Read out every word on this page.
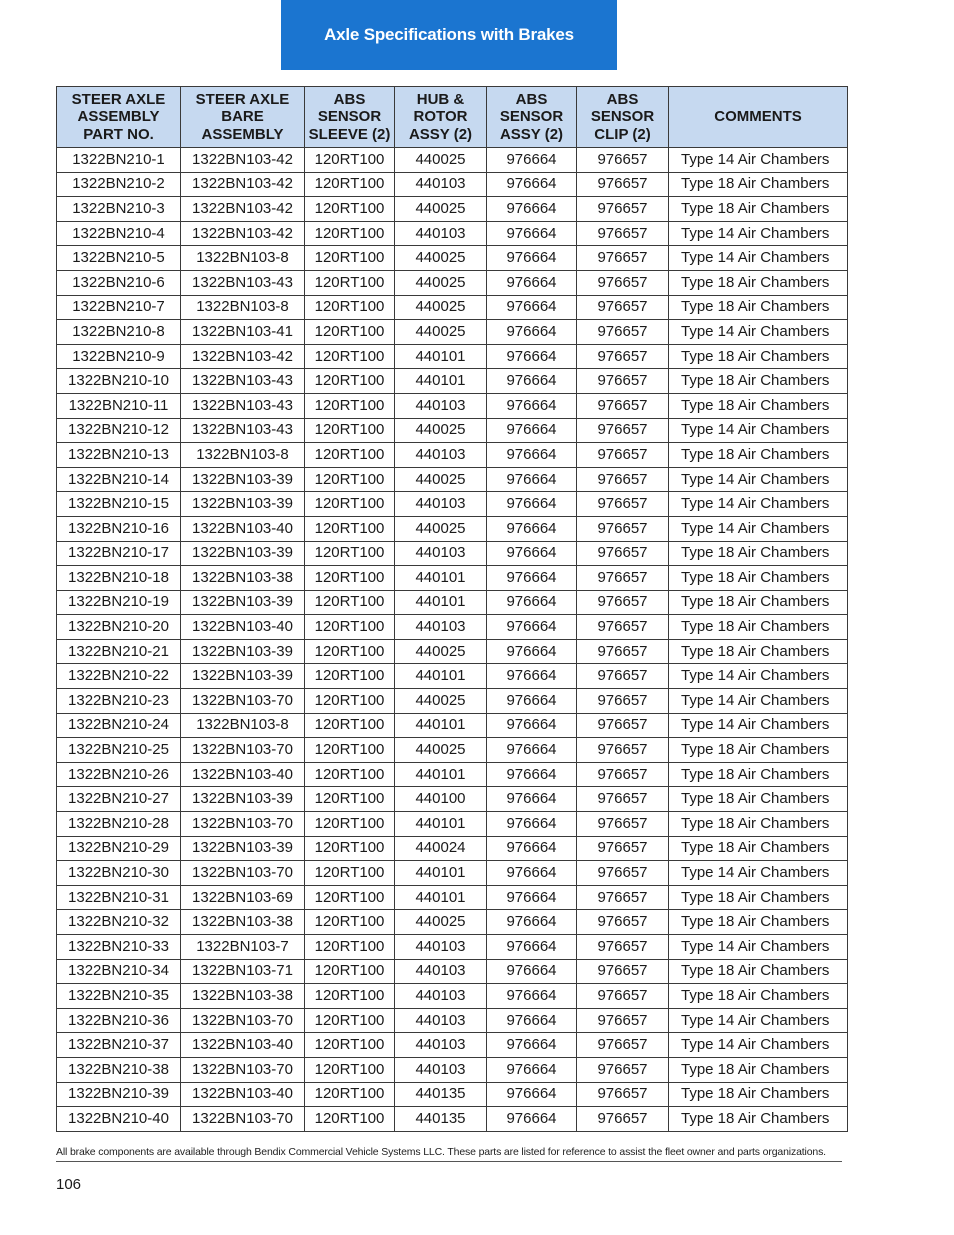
Axle Specifications with Brakes
STEER AXLE ASSEMBLY PART NO.	STEER AXLE BARE ASSEMBLY	ABS SENSOR SLEEVE (2)	HUB & ROTOR ASSY (2)	ABS SENSOR ASSY (2)	ABS SENSOR CLIP (2)	COMMENTS
1322BN210-1	1322BN103-42	120RT100	440025	976664	976657	Type 14 Air Chambers
1322BN210-2	1322BN103-42	120RT100	440103	976664	976657	Type 18 Air Chambers
1322BN210-3	1322BN103-42	120RT100	440025	976664	976657	Type 18 Air Chambers
1322BN210-4	1322BN103-42	120RT100	440103	976664	976657	Type 14 Air Chambers
1322BN210-5	1322BN103-8	120RT100	440025	976664	976657	Type 14 Air Chambers
1322BN210-6	1322BN103-43	120RT100	440025	976664	976657	Type 18 Air Chambers
1322BN210-7	1322BN103-8	120RT100	440025	976664	976657	Type 18 Air Chambers
1322BN210-8	1322BN103-41	120RT100	440025	976664	976657	Type 14 Air Chambers
1322BN210-9	1322BN103-42	120RT100	440101	976664	976657	Type 18 Air Chambers
1322BN210-10	1322BN103-43	120RT100	440101	976664	976657	Type 18 Air Chambers
1322BN210-11	1322BN103-43	120RT100	440103	976664	976657	Type 18 Air Chambers
1322BN210-12	1322BN103-43	120RT100	440025	976664	976657	Type 14 Air Chambers
1322BN210-13	1322BN103-8	120RT100	440103	976664	976657	Type 18 Air Chambers
1322BN210-14	1322BN103-39	120RT100	440025	976664	976657	Type 14 Air Chambers
1322BN210-15	1322BN103-39	120RT100	440103	976664	976657	Type 14 Air Chambers
1322BN210-16	1322BN103-40	120RT100	440025	976664	976657	Type 14 Air Chambers
1322BN210-17	1322BN103-39	120RT100	440103	976664	976657	Type 18 Air Chambers
1322BN210-18	1322BN103-38	120RT100	440101	976664	976657	Type 18 Air Chambers
1322BN210-19	1322BN103-39	120RT100	440101	976664	976657	Type 18 Air Chambers
1322BN210-20	1322BN103-40	120RT100	440103	976664	976657	Type 18 Air Chambers
1322BN210-21	1322BN103-39	120RT100	440025	976664	976657	Type 18 Air Chambers
1322BN210-22	1322BN103-39	120RT100	440101	976664	976657	Type 14 Air Chambers
1322BN210-23	1322BN103-70	120RT100	440025	976664	976657	Type 14 Air Chambers
1322BN210-24	1322BN103-8	120RT100	440101	976664	976657	Type 14 Air Chambers
1322BN210-25	1322BN103-70	120RT100	440025	976664	976657	Type 18 Air Chambers
1322BN210-26	1322BN103-40	120RT100	440101	976664	976657	Type 18 Air Chambers
1322BN210-27	1322BN103-39	120RT100	440100	976664	976657	Type 18 Air Chambers
1322BN210-28	1322BN103-70	120RT100	440101	976664	976657	Type 18 Air Chambers
1322BN210-29	1322BN103-39	120RT100	440024	976664	976657	Type 18 Air Chambers
1322BN210-30	1322BN103-70	120RT100	440101	976664	976657	Type 14 Air Chambers
1322BN210-31	1322BN103-69	120RT100	440101	976664	976657	Type 18 Air Chambers
1322BN210-32	1322BN103-38	120RT100	440025	976664	976657	Type 18 Air Chambers
1322BN210-33	1322BN103-7	120RT100	440103	976664	976657	Type 14 Air Chambers
1322BN210-34	1322BN103-71	120RT100	440103	976664	976657	Type 18 Air Chambers
1322BN210-35	1322BN103-38	120RT100	440103	976664	976657	Type 18 Air Chambers
1322BN210-36	1322BN103-70	120RT100	440103	976664	976657	Type 14 Air Chambers
1322BN210-37	1322BN103-40	120RT100	440103	976664	976657	Type 14 Air Chambers
1322BN210-38	1322BN103-70	120RT100	440103	976664	976657	Type 18 Air Chambers
1322BN210-39	1322BN103-40	120RT100	440135	976664	976657	Type 18 Air Chambers
1322BN210-40	1322BN103-70	120RT100	440135	976664	976657	Type 18 Air Chambers
All brake components are available through Bendix Commercial Vehicle Systems LLC. These parts are listed for reference to assist the fleet owner and parts organizations.
106
